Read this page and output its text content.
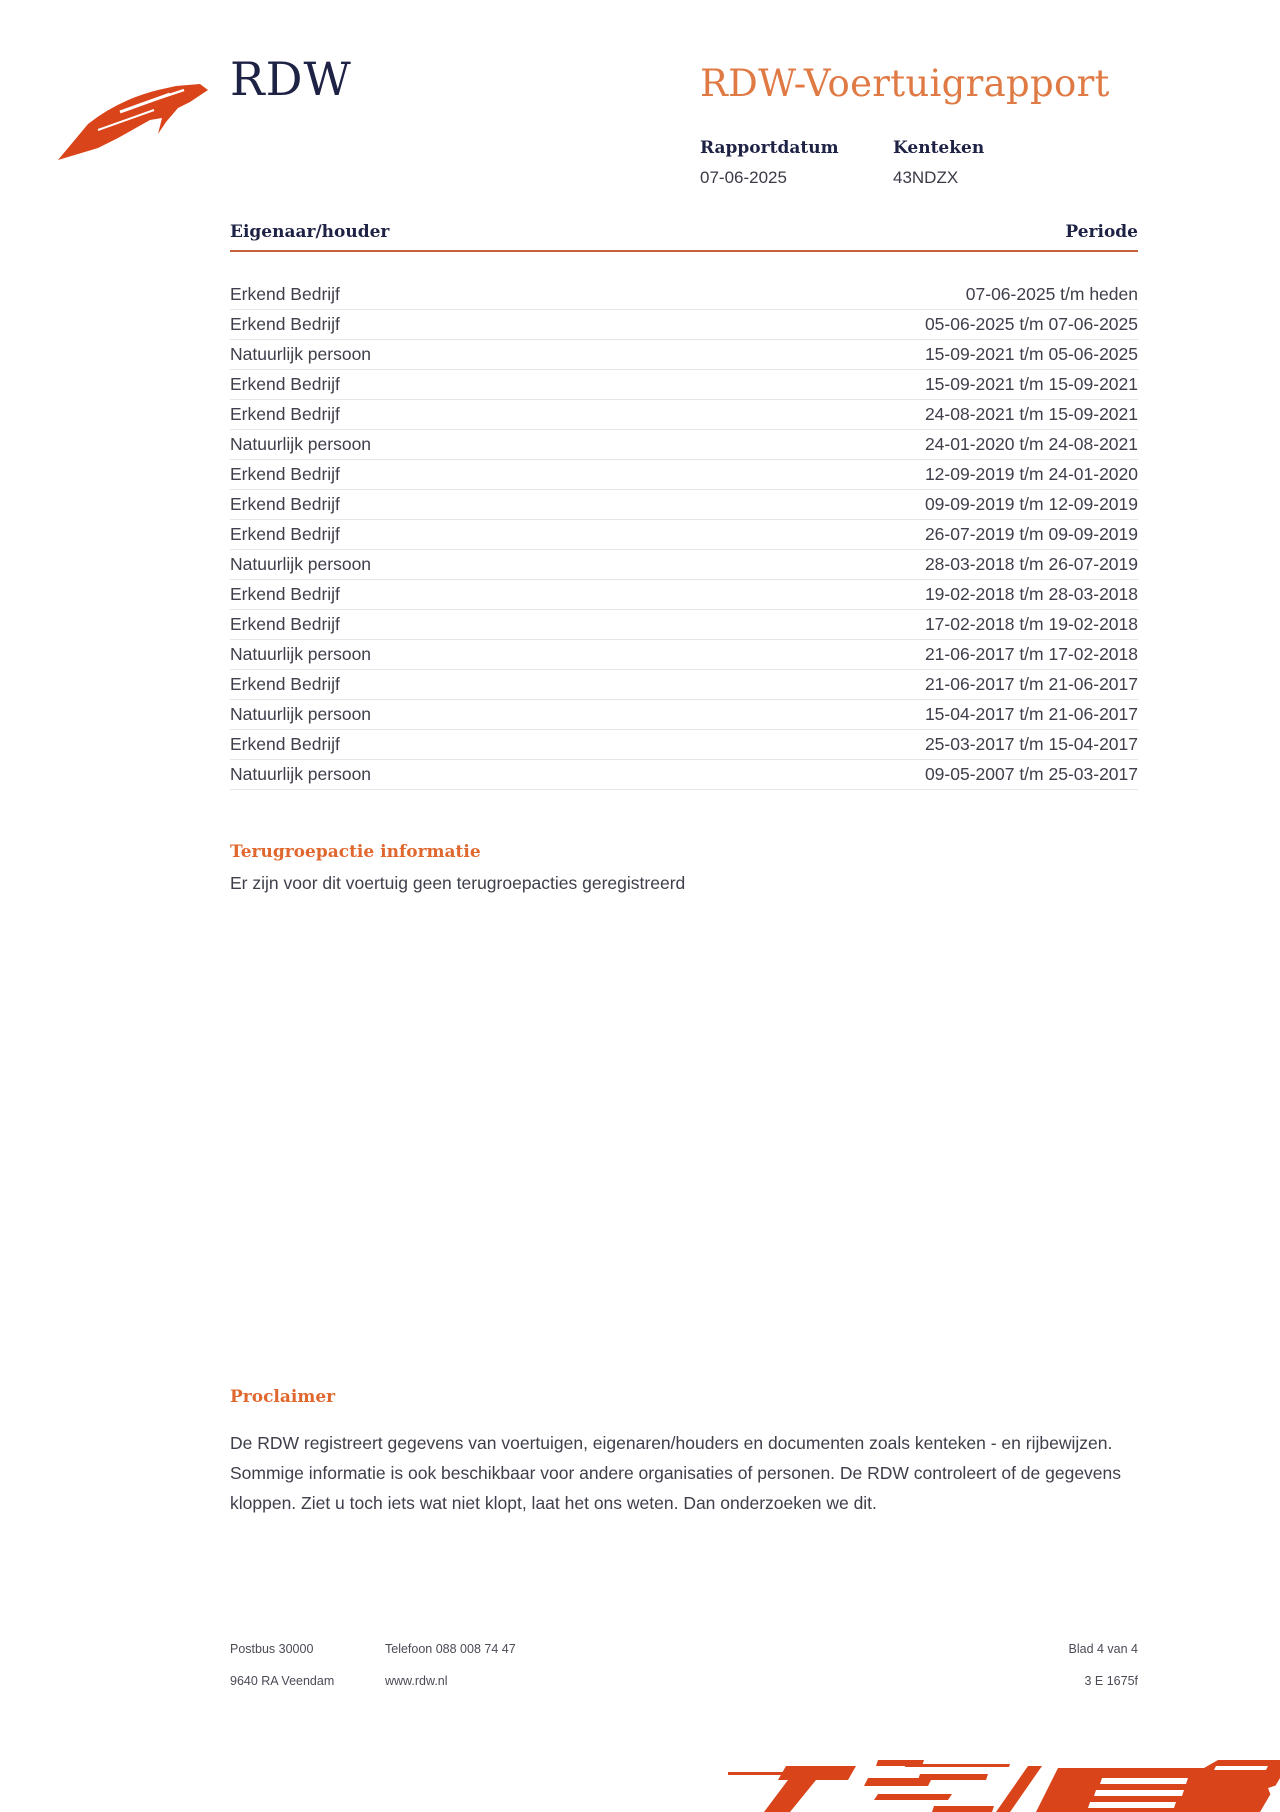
RDW	RDW-Voertuigrapport
Rapportdatum
07-06-2025
Kenteken
43NDZX
Eigenaar/houder	Periode
Erkend Bedrijf	07-06-2025 t/m heden
Erkend Bedrijf	05-06-2025 t/m 07-06-2025
Natuurlijk persoon	15-09-2021 t/m 05-06-2025
Erkend Bedrijf	15-09-2021 t/m 15-09-2021
Erkend Bedrijf	24-08-2021 t/m 15-09-2021
Natuurlijk persoon	24-01-2020 t/m 24-08-2021
Erkend Bedrijf	12-09-2019 t/m 24-01-2020
Erkend Bedrijf	09-09-2019 t/m 12-09-2019
Erkend Bedrijf	26-07-2019 t/m 09-09-2019
Natuurlijk persoon	28-03-2018 t/m 26-07-2019
Erkend Bedrijf	19-02-2018 t/m 28-03-2018
Erkend Bedrijf	17-02-2018 t/m 19-02-2018
Natuurlijk persoon	21-06-2017 t/m 17-02-2018
Erkend Bedrijf	21-06-2017 t/m 21-06-2017
Natuurlijk persoon	15-04-2017 t/m 21-06-2017
Erkend Bedrijf	25-03-2017 t/m 15-04-2017
Natuurlijk persoon	09-05-2007 t/m 25-03-2017
Terugroepactie informatie
Er zijn voor dit voertuig geen terugroepacties geregistreerd
Proclaimer
De RDW registreert gegevens van voertuigen, eigenaren/houders en documenten zoals kenteken - en rijbewijzen. Sommige informatie is ook beschikbaar voor andere organisaties of personen. De RDW controleert of de gegevens kloppen. Ziet u toch iets wat niet klopt, laat het ons weten. Dan onderzoeken we dit.
Postbus 30000
9640 RA Veendam
Telefoon 088 008 74 47
www.rdw.nl
Blad 4 van 4
3 E 1675f
